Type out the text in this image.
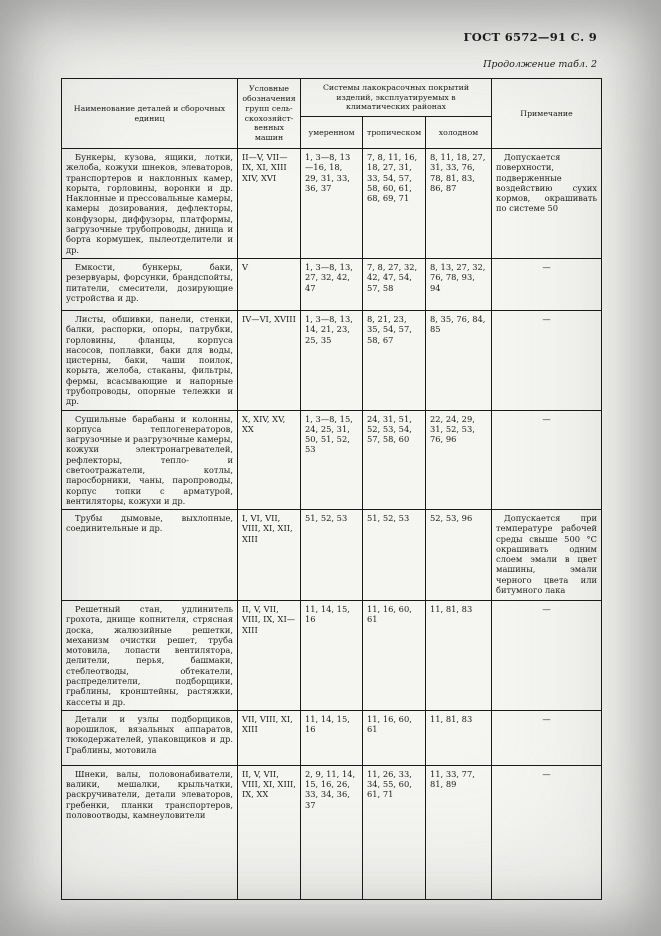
ГОСТ 6572—91 С. 9
Продолжение табл. 2
Наименование деталей и сборочных единиц	Условные обозначения групп сельскохозяйственных машин	Системы лакокрасочных покрытий изделий, эксплуатируемых в климатических районах			Примечание
		умеренном	тропическом	холодном	
Бункеры, кузова, ящики, лотки, желоба, кожухи шнеков, элеваторов, транспортеров и наклонных камер, корыта, горловины, воронки и др. Наклонные и прессовальные камеры, камеры дозирования, дефлекторы, конфузоры, диффузоры, платформы, загрузочные трубопроводы, днища и борта кормушек, пылеотделители и др.	II—V, VII—IX, XI, XIII XIV, XVI	1, 3—8, 13—16, 18, 29, 31, 33, 36, 37	7, 8, 11, 16, 18, 27, 31, 33, 54, 57, 58, 60, 61, 68, 69, 71	8, 11, 18, 27, 31, 33, 76, 78, 81, 83, 86, 87	Допускается поверхности, подверженные воздействию сухих кормов, окрашивать по системе 50
Емкости, бункеры, баки, резервуары, форсунки, брандспойты, питатели, смесители, дозирующие устройства и др.	V	1, 3—8, 13, 27, 32, 42, 47	7, 8, 27, 32, 42, 47, 54, 57, 58	8, 13, 27, 32, 76, 78, 93, 94	—
Листы, обшивки, панели, стенки, балки, распорки, опоры, патрубки, горловины, фланцы, корпуса насосов, поплавки, баки для воды, цистерны, баки, чаши поилок, корыта, желоба, стаканы, фильтры, фермы, всасывающие и напорные трубопроводы, опорные тележки и др.	IV—VI, XVIII	1, 3—8, 13, 14, 21, 23, 25, 35	8, 21, 23, 35, 54, 57, 58, 67	8, 35, 76, 84, 85	—
Сушильные барабаны и колонны, корпуса теплогенераторов, загрузочные и разгрузочные камеры, кожухи электронагревателей, рефлекторы, тепло- и светоотражатели, котлы, паросборники, чаны, паропроводы, корпус топки с арматурой, вентиляторы, кожухи и др.	X, XIV, XV, XX	1, 3—8, 15, 24, 25, 31, 50, 51, 52, 53	24, 31, 51, 52, 53, 54, 57, 58, 60	22, 24, 29, 31, 52, 53, 76, 96	—
Трубы дымовые, выхлопные, соединительные и др.	I, VI, VII, VIII, XI, XII, XIII	51, 52, 53	51, 52, 53	52, 53, 96	Допускается при температуре рабочей среды свыше 500 °С окрашивать одним слоем эмали в цвет машины, эмали черного цвета или битумного лака
Решетный стан, удлинитель грохота, днище копнителя, стрясная доска, жалюзийные решетки, механизм очистки решет, труба мотовила, лопасти вентилятора, делители, перья, башмаки, стеблеотводы, обтекатели, распределители, подборщики, граблины, кронштейны, растяжки, кассеты и др.	II, V, VII, VIII, IX, XI—XIII	11, 14, 15, 16	11, 16, 60, 61	11, 81, 83	—
Детали и узлы подборщиков, ворошилок, вязальных аппаратов, тюкодержателей, упаковщиков и др. Граблины, мотовила	VII, VIII, XI, XIII	11, 14, 15, 16	11, 16, 60, 61	11, 81, 83	—
Шнеки, валы, половонабиватели, валики, мешалки, крыльчатки, раскручиватели, детали элеваторов, гребенки, планки транспортеров, половоотводы, камнеуловители	II, V, VII, VIII, XI, XIII, IX, XX	2, 9, 11, 14, 15, 16, 26, 33, 34, 36, 37	11, 26, 33, 34, 55, 60, 61, 71	11, 33, 77, 81, 89	—
